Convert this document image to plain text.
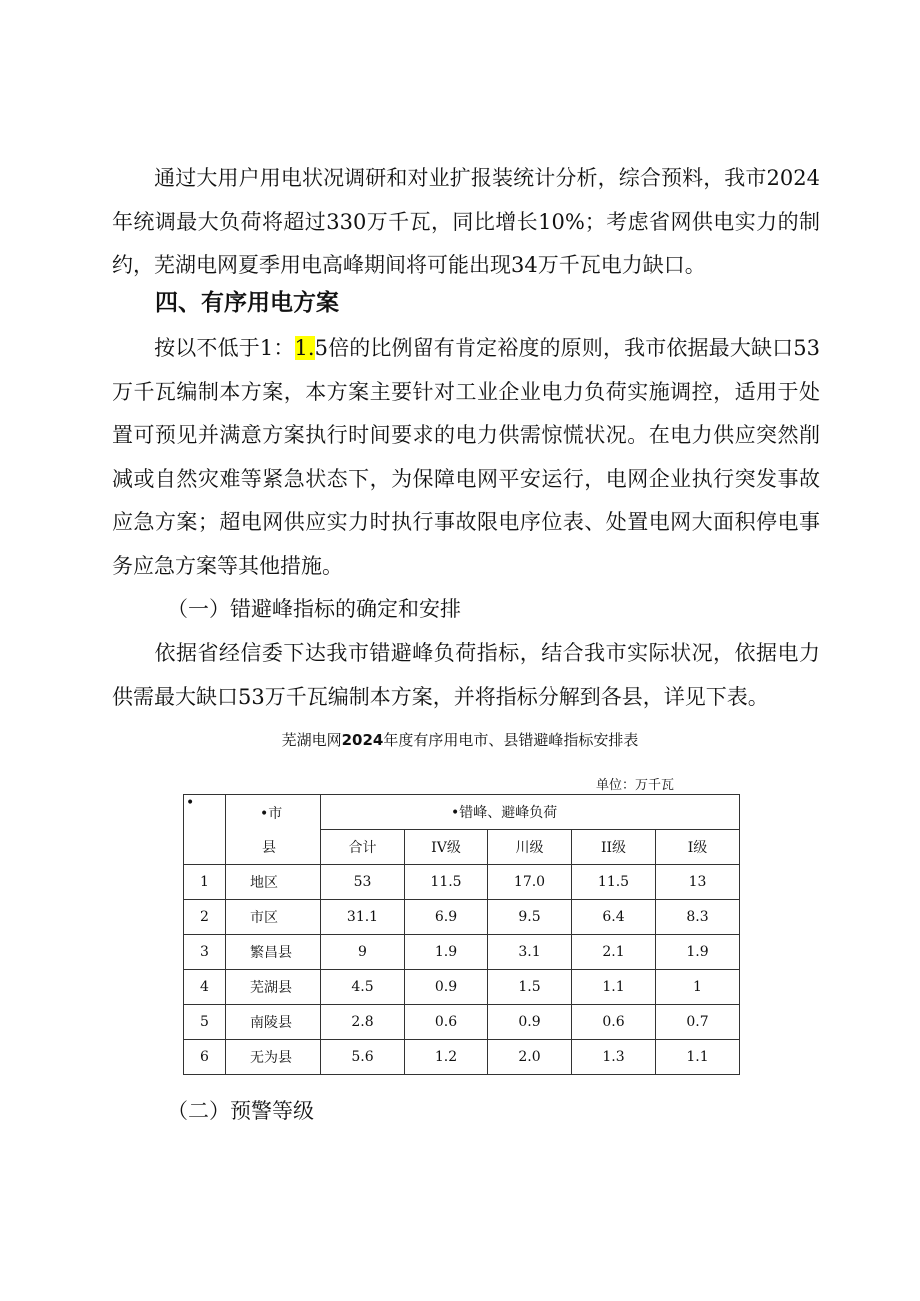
通过大用户用电状况调研和对业扩报装统计分析，综合预料，我市2024年统调最大负荷将超过330万千瓦，同比增长10%；考虑省网供电实力的制约，芜湖电网夏季用电高峰期间将可能出现34万千瓦电力缺口。

四、有序用电方案

按以不低于1：1.5倍的比例留有肯定裕度的原则，我市依据最大缺口53万千瓦编制本方案，本方案主要针对工业企业电力负荷实施调控，适用于处置可预见并满意方案执行时间要求的电力供需惊慌状况。在电力供应突然削减或自然灾难等紧急状态下，为保障电网平安运行，电网企业执行突发事故应急方案；超电网供应实力时执行事故限电序位表、处置电网大面积停电事务应急方案等其他措施。

（一）错避峰指标的确定和安排

依据省经信委下达我市错避峰负荷指标，结合我市实际状况，依据电力供需最大缺口53万千瓦编制本方案，并将指标分解到各县，详见下表。

芜湖电网2024年度有序用电市、县错避峰指标安排表

单位：万千瓦

•	•市
县	•错峰、避峰负荷				
		合计	IV级	川级	II级	I级
1	地区	53	11.5	17.0	11.5	13
2	市区	31.1	6.9	9.5	6.4	8.3
3	繁昌县	9	1.9	3.1	2.1	1.9
4	芜湖县	4.5	0.9	1.5	1.1	1
5	南陵县	2.8	0.6	0.9	0.6	0.7
6	无为县	5.6	1.2	2.0	1.3	1.1

（二）预警等级
